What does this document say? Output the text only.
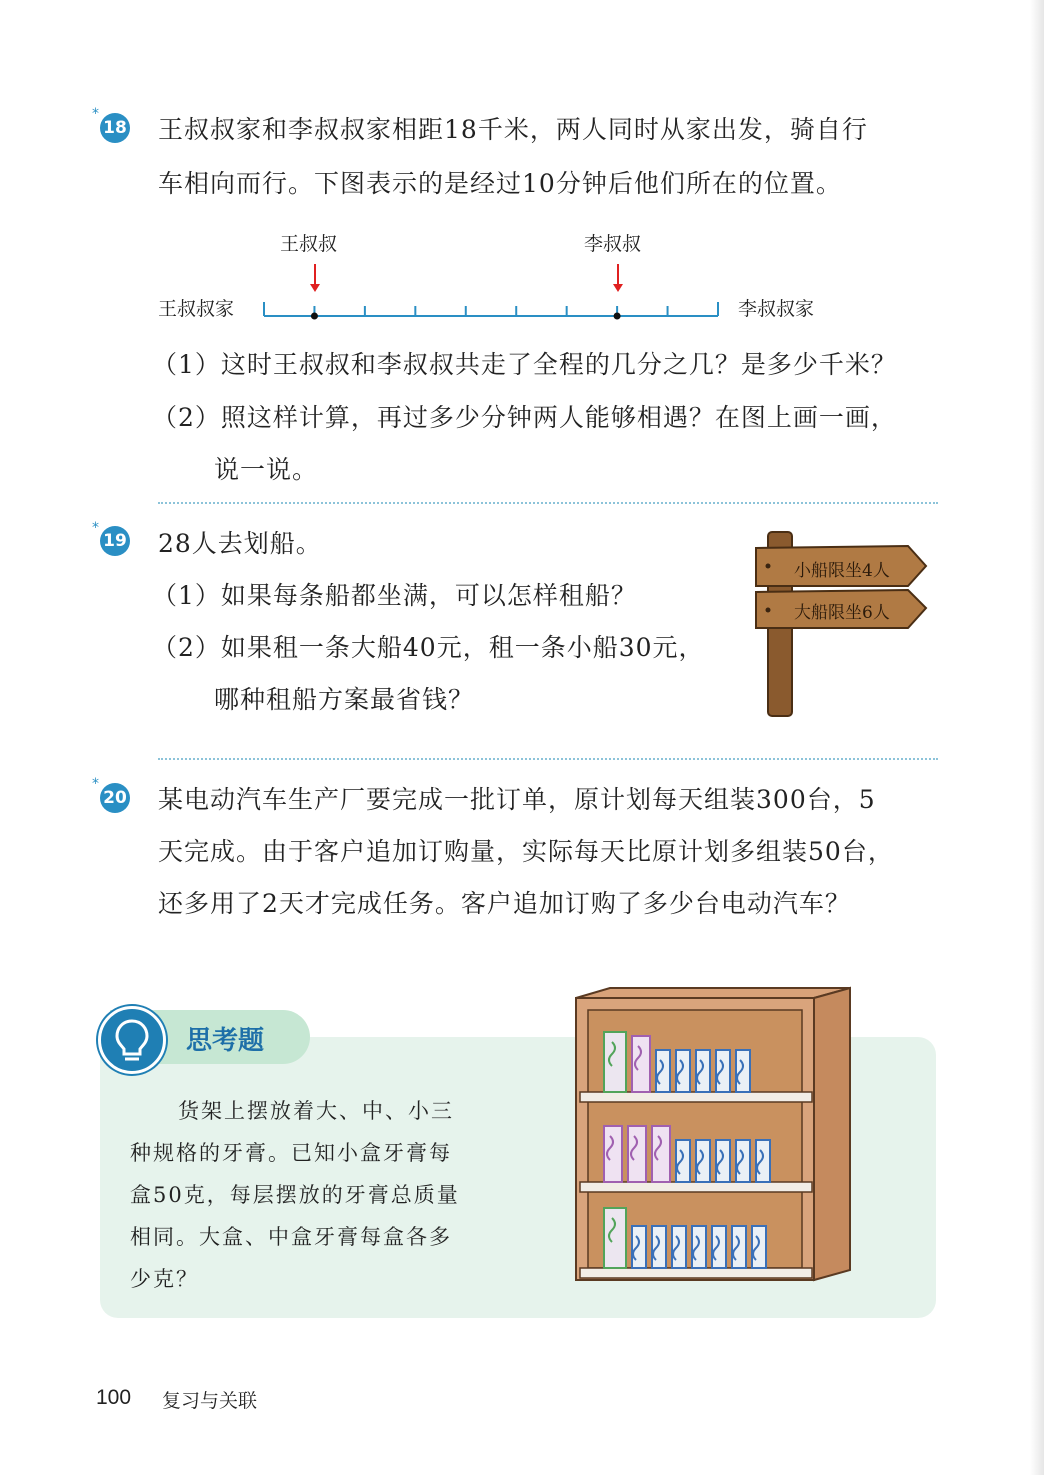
*
18 王叔叔家和李叔叔家相距18千米，两人同时从家出发，骑自行
车相向而行。下图表示的是经过10分钟后他们所在的位置。
王叔叔	李叔叔
王叔叔家	李叔叔家
（1）这时王叔叔和李叔叔共走了全程的几分之几？是多少千米？
（2）照这样计算，再过多少分钟两人能够相遇？在图上画一画，
说一说。
*
19 28人去划船。
（1）如果每条船都坐满，可以怎样租船？
（2）如果租一条大船40元，租一条小船30元，
哪种租船方案最省钱？
小船限坐4人
大船限坐6人
*
20 某电动汽车生产厂要完成一批订单，原计划每天组装300台，5
天完成。由于客户追加订购量，实际每天比原计划多组装50台，
还多用了2天才完成任务。客户追加订购了多少台电动汽车？
思考题
货架上摆放着大、中、小三
种规格的牙膏。已知小盒牙膏每
盒50克，每层摆放的牙膏总质量
相同。大盒、中盒牙膏每盒各多
少克？
100 复习与关联
